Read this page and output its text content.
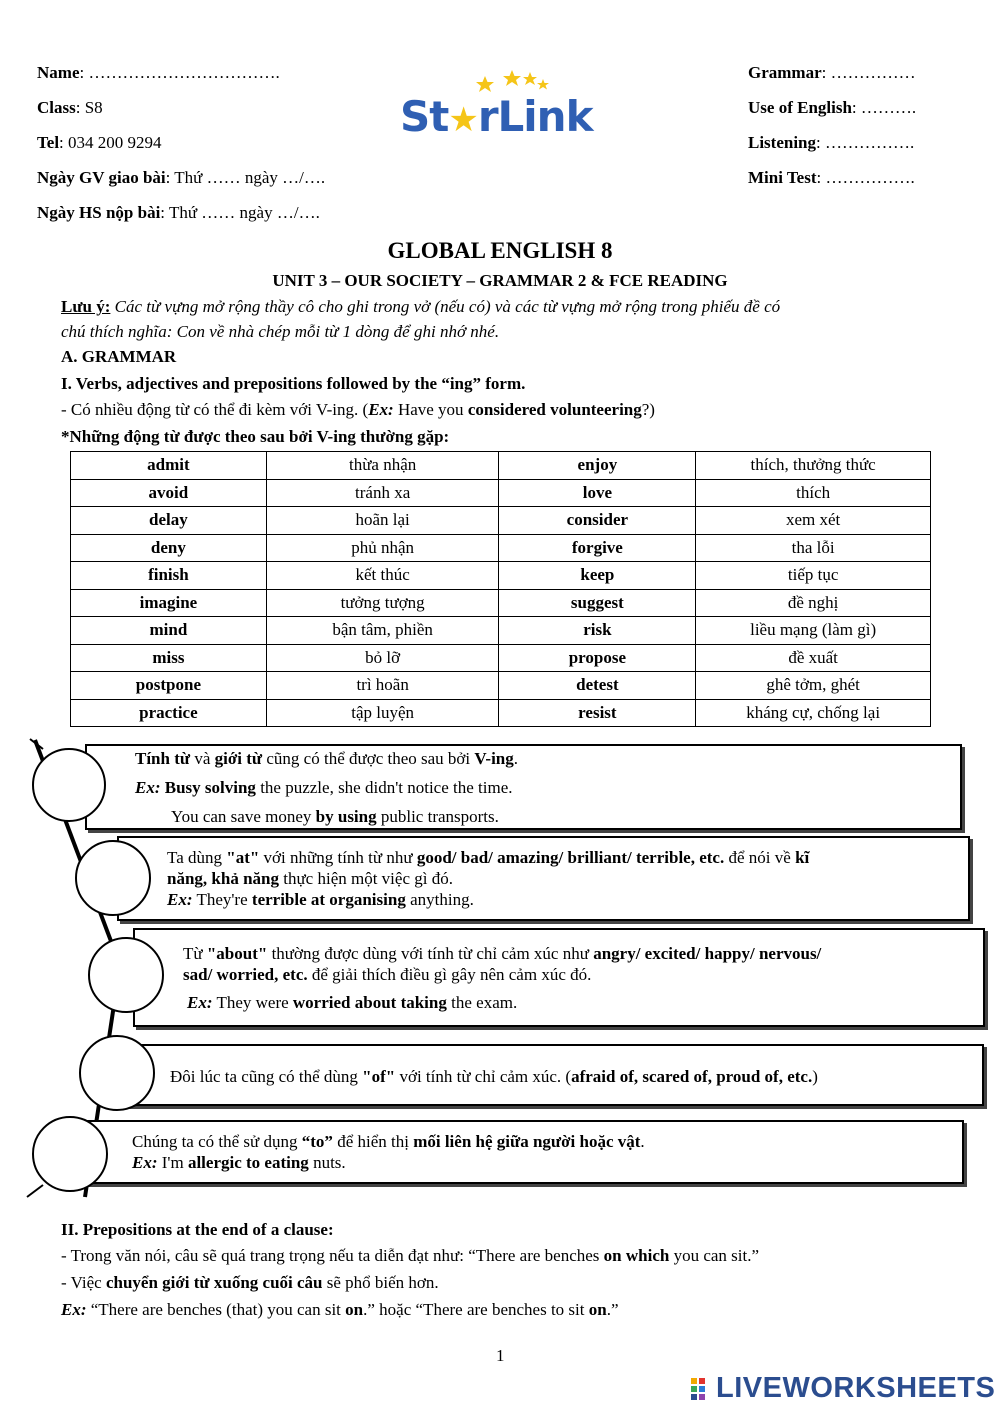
Name: …………………………….
Class: S8
Tel: 034 200 9294
Ngày GV giao bài: Thứ …… ngày …/….
Ngày HS nộp bài: Thứ …… ngày …/….
Grammar: ……………
Use of English: ……….
Listening: …………….
Mini Test: …………….
St★rLink
GLOBAL ENGLISH 8
UNIT 3 – OUR SOCIETY – GRAMMAR 2 & FCE READING
Lưu ý: Các từ vựng mở rộng thầy cô cho ghi trong vở (nếu có) và các từ vựng mở rộng trong phiếu đề có
chú thích nghĩa: Con về nhà chép mỗi từ 1 dòng để ghi nhớ nhé.
A. GRAMMAR
I. Verbs, adjectives and prepositions followed by the “ing” form.
- Có nhiều động từ có thể đi kèm với V-ing. (Ex: Have you considered volunteering?)
*Những động từ được theo sau bởi V-ing thường gặp:
admit	thừa nhận	enjoy	thích, thưởng thức
avoid	tránh xa	love	thích
delay	hoãn lại	consider	xem xét
deny	phủ nhận	forgive	tha lỗi
finish	kết thúc	keep	tiếp tục
imagine	tưởng tượng	suggest	đề nghị
mind	bận tâm, phiền	risk	liều mạng (làm gì)
miss	bỏ lỡ	propose	đề xuất
postpone	trì hoãn	detest	ghê tởm, ghét
practice	tập luyện	resist	kháng cự, chống lại
Tính từ và giới từ cũng có thể được theo sau bởi V-ing.
Ex: Busy solving the puzzle, she didn't notice the time.
You can save money by using public transports.
Ta dùng "at" với những tính từ như good/ bad/ amazing/ brilliant/ terrible, etc. để nói về kĩ
năng, khả năng thực hiện một việc gì đó.
Ex: They're terrible at organising anything.
Từ "about" thường được dùng với tính từ chỉ cảm xúc như angry/ excited/ happy/ nervous/
sad/ worried, etc. để giải thích điều gì gây nên cảm xúc đó.
Ex: They were worried about taking the exam.
Đôi lúc ta cũng có thể dùng "of" với tính từ chỉ cảm xúc. (afraid of, scared of, proud of, etc.)
Chúng ta có thể sử dụng “to” để hiển thị mối liên hệ giữa người hoặc vật.
Ex: I'm allergic to eating nuts.
II. Prepositions at the end of a clause:
- Trong văn nói, câu sẽ quá trang trọng nếu ta diễn đạt như: “There are benches on which you can sit.”
- Việc chuyển giới từ xuống cuối câu sẽ phổ biến hơn.
Ex: “There are benches (that) you can sit on.” hoặc “There are benches to sit on.”
1
LIVEWORKSHEETS
